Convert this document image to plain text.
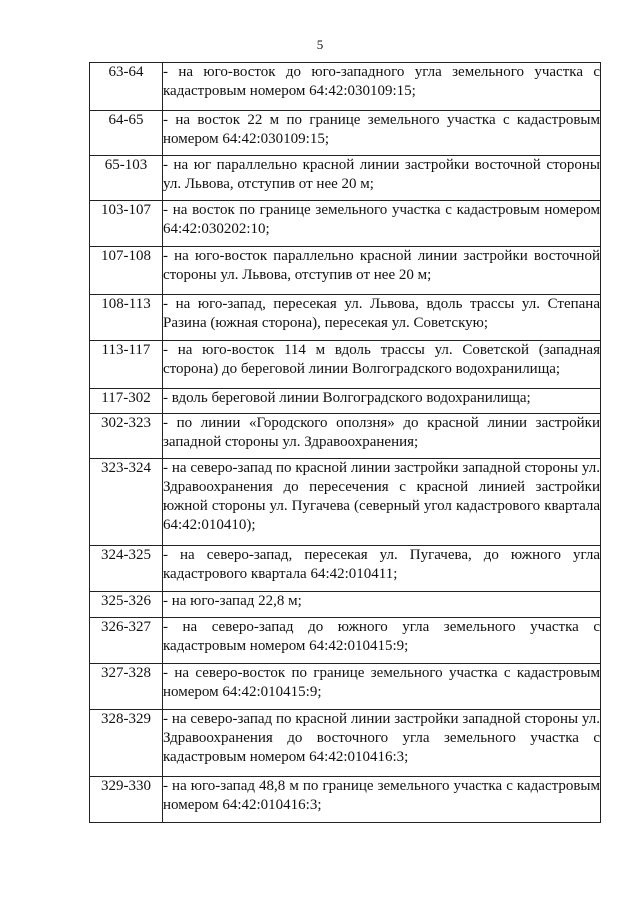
5
63-64	- на юго-восток до юго-западного угла земельного участка с кадастровым номером 64:42:030109:15;
64-65	- на восток 22 м по границе земельного участка с кадастровым номером 64:42:030109:15;
65-103	- на юг параллельно красной линии застройки восточной стороны ул. Львова, отступив от нее 20 м;
103-107	- на восток по границе земельного участка с кадастровым номером 64:42:030202:10;
107-108	- на юго-восток параллельно красной линии застройки восточной стороны ул. Львова, отступив от нее 20 м;
108-113	- на юго-запад, пересекая ул. Львова, вдоль трассы ул. Степана Разина (южная сторона), пересекая ул. Советскую;
113-117	- на юго-восток 114 м вдоль трассы ул. Советской (западная сторона) до береговой линии Волгоградского водохранилища;
117-302	- вдоль береговой линии Волгоградского водохранилища;
302-323	- по линии «Городского оползня» до красной линии застройки западной стороны ул. Здравоохранения;
323-324	- на северо-запад по красной линии застройки западной стороны ул. Здравоохранения до пересечения с красной линией застройки южной стороны ул. Пугачева (северный угол кадастрового квартала 64:42:010410);
324-325	- на северо-запад, пересекая ул. Пугачева, до южного угла кадастрового квартала 64:42:010411;
325-326	- на юго-запад 22,8 м;
326-327	- на северо-запад до южного угла земельного участка с кадастровым номером 64:42:010415:9;
327-328	- на северо-восток по границе земельного участка с кадастровым номером 64:42:010415:9;
328-329	- на северо-запад по красной линии застройки западной стороны ул. Здравоохранения до восточного угла земельного участка с кадастровым номером 64:42:010416:3;
329-330	- на юго-запад 48,8 м по границе земельного участка с кадастровым номером 64:42:010416:3;
